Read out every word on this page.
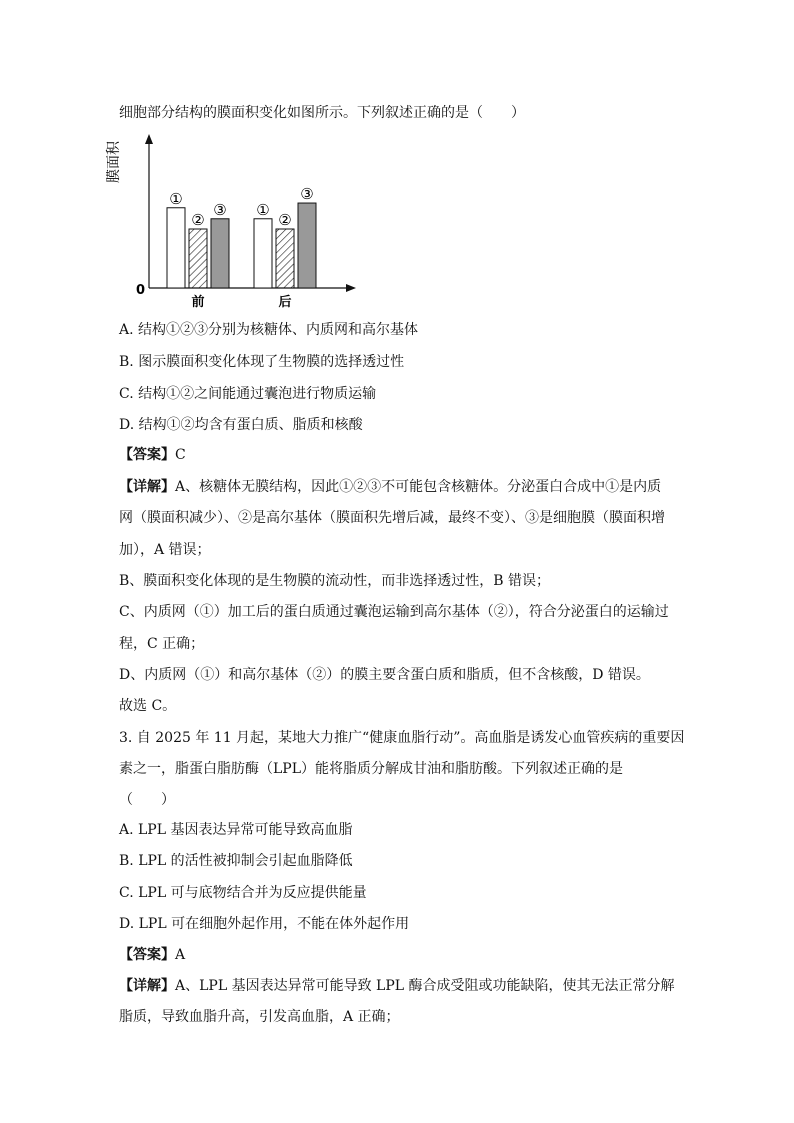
细胞部分结构的膜面积变化如图所示。下列叙述正确的是（　　）
膜面积
0
①
②
③
前
①
②
③
后
A. 结构①②③分别为核糖体、内质网和高尔基体
B. 图示膜面积变化体现了生物膜的选择透过性
C. 结构①②之间能通过囊泡进行物质运输
D. 结构①②均含有蛋白质、脂质和核酸
【答案】C
【详解】A、核糖体无膜结构，因此①②③不可能包含核糖体。分泌蛋白合成中①是内质
网（膜面积减少）、②是高尔基体（膜面积先增后减，最终不变）、③是细胞膜（膜面积增
加），A 错误；
B、膜面积变化体现的是生物膜的流动性，而非选择透过性，B 错误；
C、内质网（①）加工后的蛋白质通过囊泡运输到高尔基体（②），符合分泌蛋白的运输过
程，C 正确；
D、内质网（①）和高尔基体（②）的膜主要含蛋白质和脂质，但不含核酸，D 错误。
故选 C。
3. 自 2025 年 11 月起，某地大力推广“健康血脂行动”。高血脂是诱发心血管疾病的重要因
素之一，脂蛋白脂肪酶（LPL）能将脂质分解成甘油和脂肪酸。下列叙述正确的是
（　　）
A. LPL 基因表达异常可能导致高血脂
B. LPL 的活性被抑制会引起血脂降低
C. LPL 可与底物结合并为反应提供能量
D. LPL 可在细胞外起作用，不能在体外起作用
【答案】A
【详解】A、LPL 基因表达异常可能导致 LPL 酶合成受阻或功能缺陷，使其无法正常分解
脂质，导致血脂升高，引发高血脂，A 正确；
